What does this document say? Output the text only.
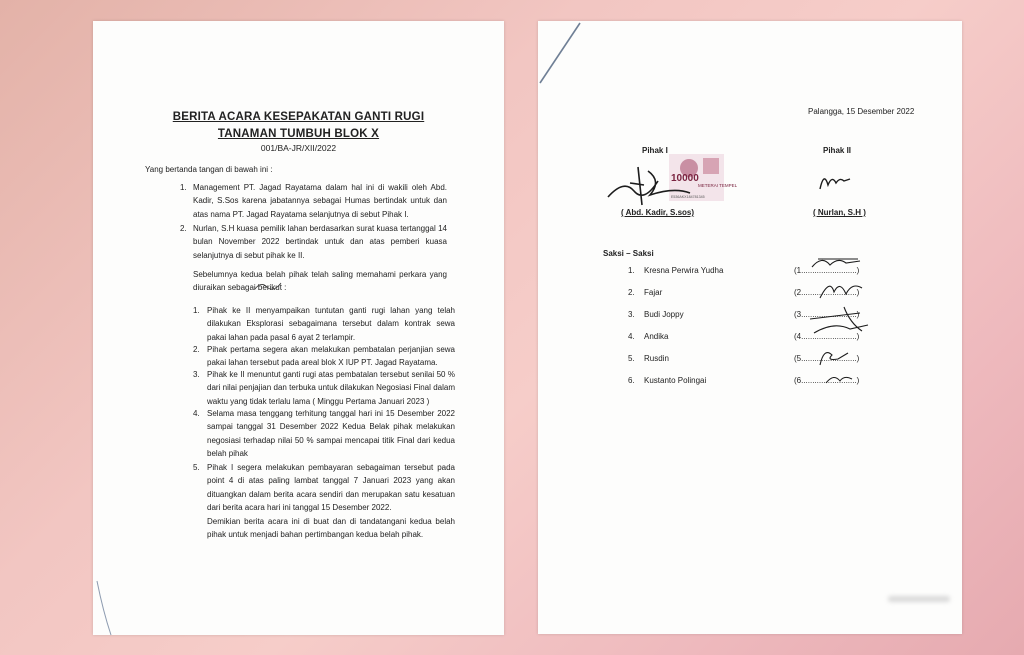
BERITA ACARA KESEPAKATAN GANTI RUGI
TANAMAN TUMBUH BLOK X
001/BA-JR/XII/2022
Yang bertanda tangan di bawah ini :
1. Management PT. Jagad Rayatama dalam hal ini di wakili oleh Abd. Kadir, S.Sos karena jabatannya sebagai Humas bertindak untuk dan atas nama PT. Jagad Rayatama selanjutnya di sebut Pihak I.
2. Nurlan, S.H kuasa pemilik lahan berdasarkan surat kuasa tertanggal 14 bulan November 2022 bertindak untuk dan atas pemberi kuasa selanjutnya di sebut pihak ke II.
Sebelumnya kedua belah pihak telah saling memahami perkara yang diuraikan sebagai berikut :
1. Pihak ke II menyampaikan tuntutan ganti rugi lahan yang telah dilakukan Eksplorasi sebagaimana tersebut dalam kontrak sewa pakai lahan pada pasal 6 ayat 2 terlampir.
2. Pihak pertama segera akan melakukan pembatalan perjanjian sewa pakai lahan tersebut pada areal blok X IUP PT. Jagad Rayatama.
3. Pihak ke II menuntut ganti rugi atas pembatalan tersebut senilai 50 % dari nilai penjajian dan terbuka untuk dilakukan Negosiasi Final dalam waktu yang tidak terlalu lama ( Minggu Pertama Januari 2023 )
4. Selama masa tenggang terhitung tanggal hari ini 15 Desember 2022 sampai tanggal 31 Desember 2022 Kedua Belak pihak melakukan negosiasi terhadap nilai 50 % sampai mencapai titik Final dari kedua belah pihak
5. Pihak I segera melakukan pembayaran sebagaiman tersebut pada point 4 di atas paling lambat tanggal 7 Januari 2023 yang akan dituangkan dalam berita acara sendiri dan merupakan satu kesatuan dari berita acara hari ini tanggal 15 Desember 2022.
Demikian berita acara ini di buat dan di tandatangani kedua belah pihak untuk menjadi bahan pertimbangan kedua belah pihak.
Palangga, 15 Desember 2022
Pihak I	Pihak II
10000
METERAI TEMPEL
E536AKX184781345
( Abd. Kadir, S.sos)	( Nurlan, S.H )
Saksi – Saksi
1. Kresna Perwira Yudha	(1.........................)
2. Fajar	(2.........................)
3. Budi Joppy	(3.........................)
4. Andika	(4.........................)
5. Rusdin	(5.........................)
6. Kustanto Polingai	(6.........................)
